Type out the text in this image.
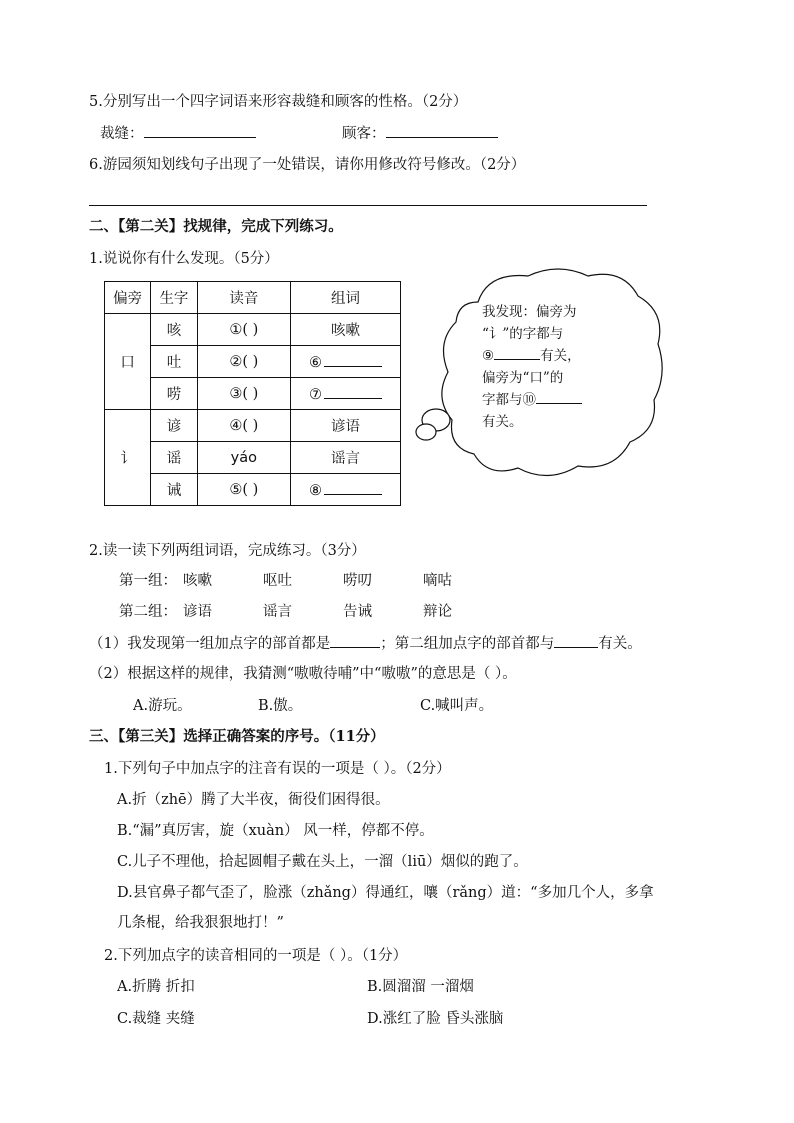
5.分别写出一个四字词语来形容裁缝和顾客的性格。（2分）
裁缝：	顾客：
6.游园须知划线句子出现了一处错误，请你用修改符号修改。（2分）
二、【第二关】找规律，完成下列练习。
1.说说你有什么发现。（5分）
偏旁	生字	读音	组词
口	咳	①( )	咳嗽
	吐	②( )	⑥
	唠	③( )	⑦
讠	谚	④( )	谚语
	谣	yáo	谣言
	诫	⑤( )	⑧
我发现：偏旁为
“讠”的字都与
⑨	有关，
偏旁为“口”的
字都与⑩
有关。
2.读一读下列两组词语，完成练习。（3分）
第一组： 咳嗽	呕吐	唠叨	嘀咕
第二组： 谚语	谣言	告诫	辩论
（1）我发现第一组加点字的部首都是	；第二组加点字的部首都与	有关。
（2）根据这样的规律，我猜测“嗷嗷待哺”中“嗷嗷”的意思是（ ）。
A.游玩。	B.傲。	C.喊叫声。
三、【第三关】选择正确答案的序号。（11分）
1.下列句子中加点字的注音有误的一项是（ ）。（2分）
A.折（zhē）腾了大半夜，衙役们困得很。
B.“漏”真厉害，旋（xuàn） 风一样，停都不停。
C.儿子不理他，拾起圆帽子戴在头上，一溜（liū）烟似的跑了。
D.县官鼻子都气歪了，脸涨（zhǎng）得通红，嚷（rǎng）道：“多加几个人，多拿
几条棍，给我狠狠地打！”
2.下列加点字的读音相同的一项是（ ）。（1分）
A.折腾 折扣	B.圆溜溜 一溜烟
C.裁缝 夹缝	D.涨红了脸 昏头涨脑
